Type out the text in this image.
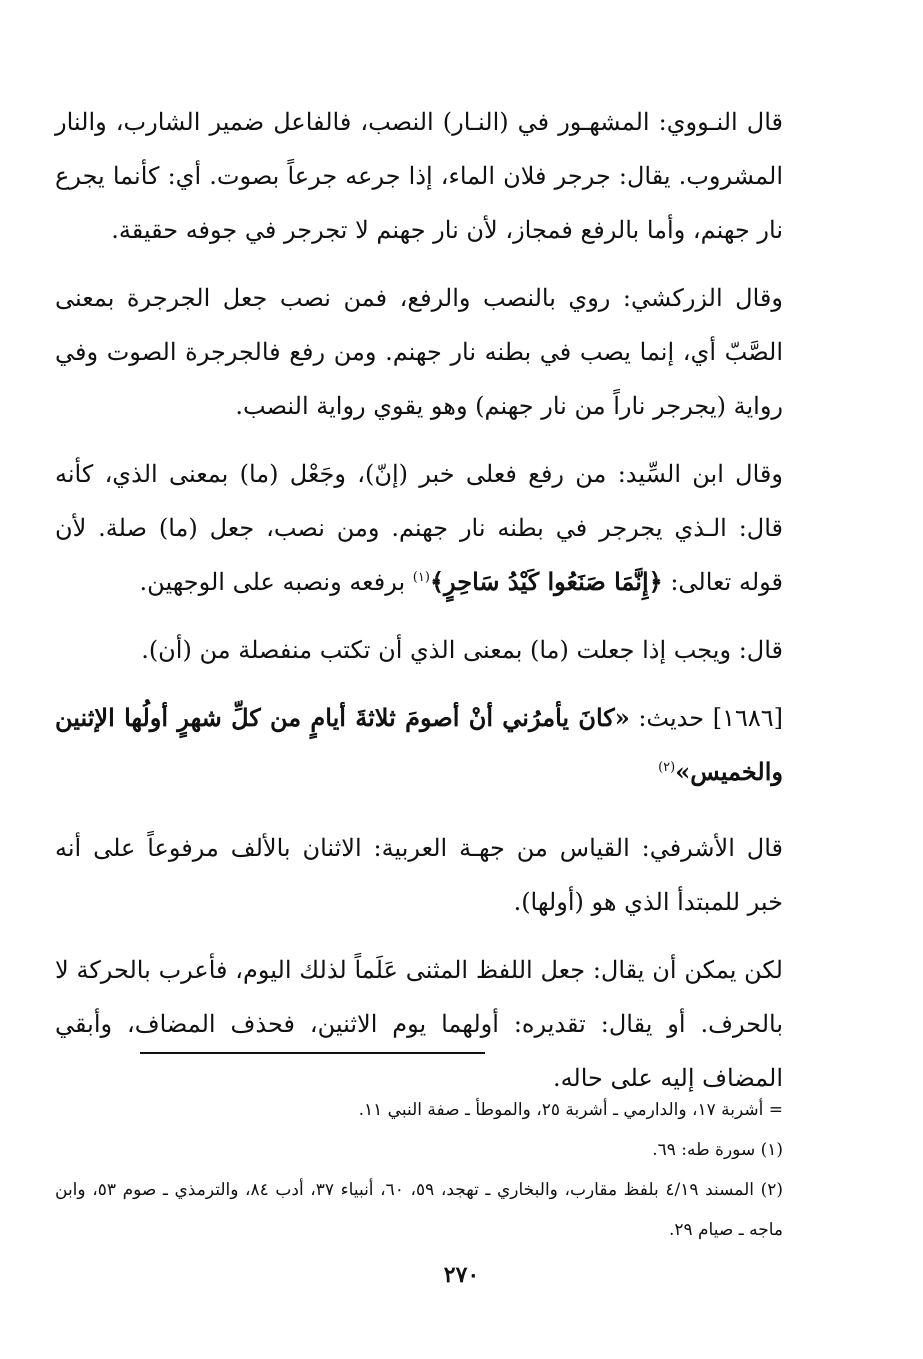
قال النـووي: المشهـور في (النـار) النصب، فالفاعل ضمير الشارب، والنار المشروب. يقال: جرجر فلان الماء، إذا جرعه جرعاً بصوت. أي: كأنما يجرع نار جهنم، وأما بالرفع فمجاز، لأن نار جهنم لا تجرجر في جوفه حقيقة.

وقال الزركشي: روي بالنصب والرفع، فمن نصب جعل الجرجرة بمعنى الصَّبّ أي، إنما يصب في بطنه نار جهنم. ومن رفع فالجرجرة الصوت وفي رواية (يجرجر ناراً من نار جهنم) وهو يقوي رواية النصب.

وقال ابن السِّيد: من رفع فعلى خبر (إنّ)، وجَعْل (ما) بمعنى الذي، كأنه قال: الـذي يجرجر في بطنه نار جهنم. ومن نصب، جعل (ما) صلة. لأن قوله تعالى: ﴿إِنَّمَا صَنَعُوا كَيْدُ سَاحِرٍ﴾$^{(١)}$ برفعه ونصبه على الوجهين.

قال: ويجب إذا جعلت (ما) بمعنى الذي أن تكتب منفصلة من (أن).

[١٦٨٦] حديث: «كانَ يأمرُني أنْ أصومَ ثلاثةَ أيامٍ من كلِّ شهرٍ أولُها الإثنين والخميس»$^{(٢)}$

قال الأشرفي: القياس من جهـة العربية: الاثنان بالألف مرفوعاً على أنه خبر للمبتدأ الذي هو (أولها).

لكن يمكن أن يقال: جعل اللفظ المثنى عَلَماً لذلك اليوم، فأعرب بالحركة لا بالحرف. أو يقال: تقديره: أولهما يوم الاثنين، فحذف المضاف، وأبقي المضاف إليه على حاله.

= أشربة ١٧، والدارمي ـ أشربة ٢٥، والموطأ ـ صفة النبي ١١.

(١) سورة طه: ٦٩.

(٢) المسند ٤/١٩ بلفظ مقارب، والبخاري ـ تهجد، ٥٩، ٦٠، أنبياء ٣٧، أدب ٨٤، والترمذي ـ صوم ٥٣، وابن ماجه ـ صيام ٢٩.

٢٧٠
